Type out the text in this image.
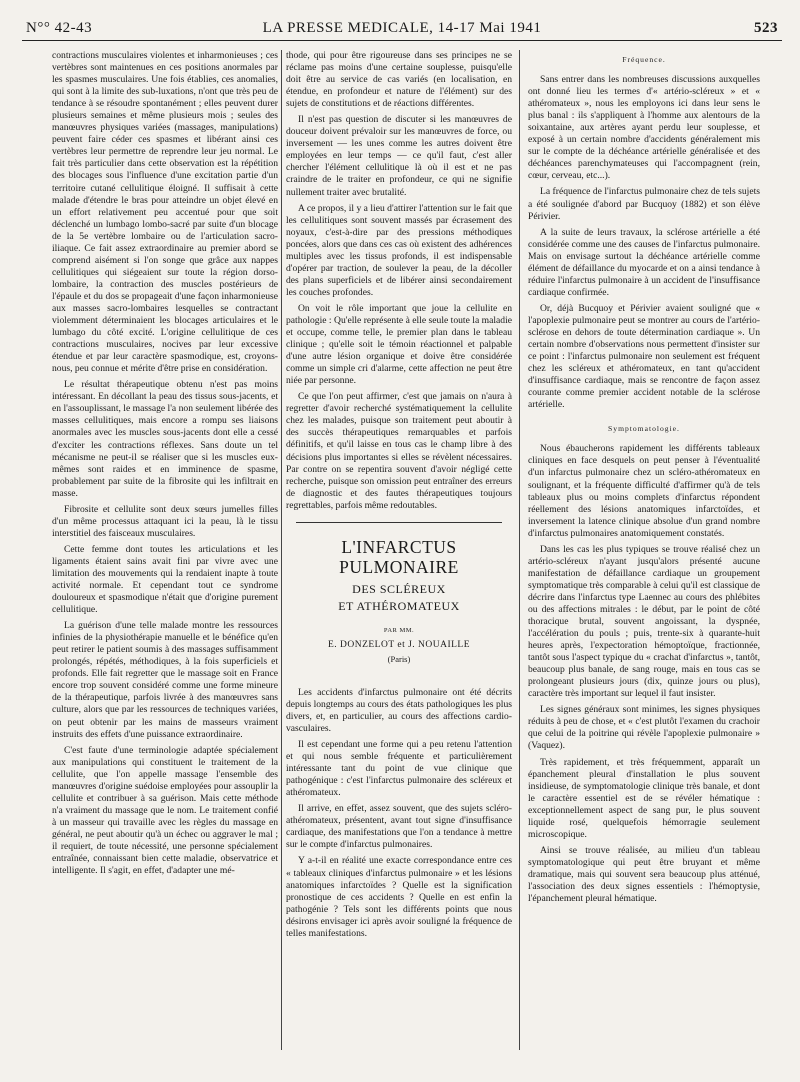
N°° 42-43	LA PRESSE MEDICALE, 14-17 Mai 1941	523

contractions musculaires violentes et inharmonieuses ; ces vertèbres sont maintenues en ces positions anormales par les spasmes musculaires. Une fois établies, ces anomalies, qui sont à la limite des sub-luxations, n'ont que très peu de tendance à se résoudre spontanément ; elles peuvent durer plusieurs semaines et même plusieurs mois ; seules des manœuvres physiques variées (massages, manipulations) peuvent faire céder ces spasmes et libérant ainsi ces vertèbres leur permettre de reprendre leur jeu normal. Le fait très particulier dans cette observation est la répétition des blocages sous l'influence d'une excitation partie d'un territoire cutané cellulitique éloigné. Il suffisait à cette malade d'étendre le bras pour atteindre un objet élevé en un effort relativement peu accentué pour que soit déclenché un lumbago lombo-sacré par suite d'un blocage de la 5e vertèbre lombaire ou de l'articulation sacro-iliaque. Ce fait assez extraordinaire au premier abord se comprend aisément si l'on songe que grâce aux nappes cellulitiques qui siégeaient sur toute la région dorso-lombaire, la contraction des muscles postérieurs de l'épaule et du dos se propageait d'une façon inharmonieuse aux masses sacro-lombaires lesquelles se contractant violemment déterminaient les blocages articulaires et le lumbago du côté excité. L'origine cellulitique de ces contractions musculaires, nocives par leur excessive étendue et par leur caractère spasmodique, est, croyons-nous, peu connue et mérite d'être prise en considération.

Le résultat thérapeutique obtenu n'est pas moins intéressant. En décollant la peau des tissus sous-jacents, et en l'assouplissant, le massage l'a non seulement libérée des masses cellulitiques, mais encore a rompu ses liaisons anormales avec les muscles sous-jacents dont elle a cessé d'exciter les contractions réflexes. Sans doute un tel mécanisme ne peut-il se réaliser que si les muscles eux-mêmes sont raides et en imminence de spasme, probablement par suite de la fibrosite qui les infiltrait en masse.

Fibrosite et cellulite sont deux sœurs jumelles filles d'un même processus attaquant ici la peau, là le tissu interstitiel des faisceaux musculaires.

Cette femme dont toutes les articulations et les ligaments étaient sains avait fini par vivre avec une limitation des mouvements qui la rendaient inapte à toute activité normale. Et cependant tout ce syndrome douloureux et spasmodique n'était que d'origine purement cellulitique.

La guérison d'une telle malade montre les ressources infinies de la physiothérapie manuelle et le bénéfice qu'en peut retirer le patient soumis à des massages suffisamment prolongés, répétés, méthodiques, à la fois superficiels et profonds. Elle fait regretter que le massage soit en France encore trop souvent considéré comme une forme mineure de la thérapeutique, parfois livrée à des manœuvres sans culture, alors que par les ressources de techniques variées, on peut obtenir par les mains de masseurs vraiment instruits des effets d'une puissance extraordinaire.

C'est faute d'une terminologie adaptée spécialement aux manipulations qui constituent le traitement de la cellulite, que l'on appelle massage l'ensemble des manœuvres d'origine suédoise employées pour assouplir la cellulite et contribuer à sa guérison. Mais cette méthode n'a vraiment du massage que le nom. Le traitement confié à un masseur qui travaille avec les règles du massage en général, ne peut aboutir qu'à un échec ou aggraver le mal ; il requiert, de toute nécessité, une personne spécialement entraînée, connaissant bien cette maladie, observatrice et intelligente. Il s'agit, en effet, d'adapter une mé-

thode, qui pour être rigoureuse dans ses principes ne se réclame pas moins d'une certaine souplesse, puisqu'elle doit être au service de cas variés (en localisation, en étendue, en profondeur et nature de l'élément) sur des sujets de constitutions et de réactions différentes.

Il n'est pas question de discuter si les manœuvres de douceur doivent prévaloir sur les manœuvres de force, ou inversement — les unes comme les autres doivent être employées en leur temps — ce qu'il faut, c'est aller chercher l'élément cellulitique là où il est et ne pas craindre de le traiter en profondeur, ce qui ne signifie nullement traiter avec brutalité.

A ce propos, il y a lieu d'attirer l'attention sur le fait que les cellulitiques sont souvent massés par écrasement des noyaux, c'est-à-dire par des pressions méthodiques poncées, alors que dans ces cas où existent des adhérences multiples avec les tissus profonds, il est indispensable d'opérer par traction, de soulever la peau, de la décoller des plans superficiels et de libérer ainsi secondairement les couches profondes.

On voit le rôle important que joue la cellulite en pathologie : Qu'elle représente à elle seule toute la maladie et occupe, comme telle, le premier plan dans le tableau clinique ; qu'elle soit le témoin réactionnel et palpable d'une autre lésion organique et doive être considérée comme un simple cri d'alarme, cette affection ne peut être niée par personne.

Ce que l'on peut affirmer, c'est que jamais on n'aura à regretter d'avoir recherché systématiquement la cellulite chez les malades, puisque son traitement peut aboutir à des succès thérapeutiques remarquables et parfois définitifs, et qu'il laisse en tous cas le champ libre à des décisions plus importantes si elles se révèlent nécessaires. Par contre on se repentira souvent d'avoir négligé cette recherche, puisque son omission peut entraîner des erreurs de diagnostic et des fautes thérapeutiques toujours regrettables, parfois même redoutables.

L'INFARCTUS PULMONAIRE
DES SCLÉREUX
ET ATHÉROMATEUX
PAR MM.
E. DONZELOT et J. NOUAILLE
(Paris)

Les accidents d'infarctus pulmonaire ont été décrits depuis longtemps au cours des états pathologiques les plus divers, et, en particulier, au cours des affections cardio-vasculaires.

Il est cependant une forme qui a peu retenu l'attention et qui nous semble fréquente et particulièrement intéressante tant du point de vue clinique que pathogénique : c'est l'infarctus pulmonaire des scléreux et athéromateux.

Il arrive, en effet, assez souvent, que des sujets scléro-athéromateux, présentent, avant tout signe d'insuffisance cardiaque, des manifestations que l'on a tendance à mettre sur le compte d'infarctus pulmonaires.

Y a-t-il en réalité une exacte correspondance entre ces « tableaux cliniques d'infarctus pulmonaire » et les lésions anatomiques infarctoïdes ? Quelle est la signification pronostique de ces accidents ? Quelle en est enfin la pathogénie ? Tels sont les différents points que nous désirons envisager ici après avoir souligné la fréquence de telles manifestations.

Fréquence.

Sans entrer dans les nombreuses discussions auxquelles ont donné lieu les termes d'« artério-scléreux » et « athéromateux », nous les employons ici dans leur sens le plus banal : ils s'appliquent à l'homme aux alentours de la soixantaine, aux artères ayant perdu leur souplesse, et exposé à un certain nombre d'accidents généralement mis sur le compte de la déchéance artérielle généralisée et des déchéances parenchymateuses qui l'accompagnent (rein, cœur, cerveau, etc...).

La fréquence de l'infarctus pulmonaire chez de tels sujets a été soulignée d'abord par Bucquoy (1882) et son élève Périvier.

A la suite de leurs travaux, la sclérose artérielle a été considérée comme une des causes de l'infarctus pulmonaire. Mais on envisage surtout la déchéance artérielle comme élément de défaillance du myocarde et on a ainsi tendance à réduire l'infarctus pulmonaire à un accident de l'insuffisance cardiaque confirmée.

Or, déjà Bucquoy et Périvier avaient souligné que « l'apoplexie pulmonaire peut se montrer au cours de l'artério-sclérose en dehors de toute détermination cardiaque ». Un certain nombre d'observations nous permettent d'insister sur ce point : l'infarctus pulmonaire non seulement est fréquent chez les scléreux et athéromateux, en tant qu'accident d'insuffisance cardiaque, mais se rencontre de façon assez courante comme premier accident notable de la sclérose artérielle.

Symptomatologie.

Nous ébaucherons rapidement les différents tableaux cliniques en face desquels on peut penser à l'éventualité d'un infarctus pulmonaire chez un scléro-athéromateux en soulignant, et la fréquente difficulté d'affirmer qu'à de tels tableaux plus ou moins complets d'infarctus répondent réellement des lésions anatomiques infarctoïdes, et inversement la latence clinique absolue d'un grand nombre d'infarctus pulmonaires anatomiquement constatés.

Dans les cas les plus typiques se trouve réalisé chez un artério-scléreux n'ayant jusqu'alors présenté aucune manifestation de défaillance cardiaque un groupement symptomatique très comparable à celui qu'il est classique de décrire dans l'infarctus type Laennec au cours des phlébites ou des affections mitrales : le début, par le point de côté thoracique brutal, souvent angoissant, la dyspnée, l'accélération du pouls ; puis, trente-six à quarante-huit heures après, l'expectoration hémoptoïque, fractionnée, tantôt sous l'aspect typique du « crachat d'infarctus », tantôt, beaucoup plus banale, de sang rouge, mais en tous cas se prolongeant plusieurs jours (dix, quinze jours ou plus), caractère très important sur lequel il faut insister.

Les signes généraux sont minimes, les signes physiques réduits à peu de chose, et « c'est plutôt l'examen du crachoir que celui de la poitrine qui révèle l'apoplexie pulmonaire » (Vaquez).

Très rapidement, et très fréquemment, apparaît un épanchement pleural d'installation le plus souvent insidieuse, de symptomatologie clinique très banale, et dont le caractère essentiel est de se révéler hématique : exceptionnellement aspect de sang pur, le plus souvent liquide rosé, quelquefois hémorragie seulement microscopique.

Ainsi se trouve réalisée, au milieu d'un tableau symptomatologique qui peut être bruyant et même dramatique, mais qui souvent sera beaucoup plus atténué, l'association des deux signes essentiels : l'hémoptysie, l'épanchement pleural hématique.
